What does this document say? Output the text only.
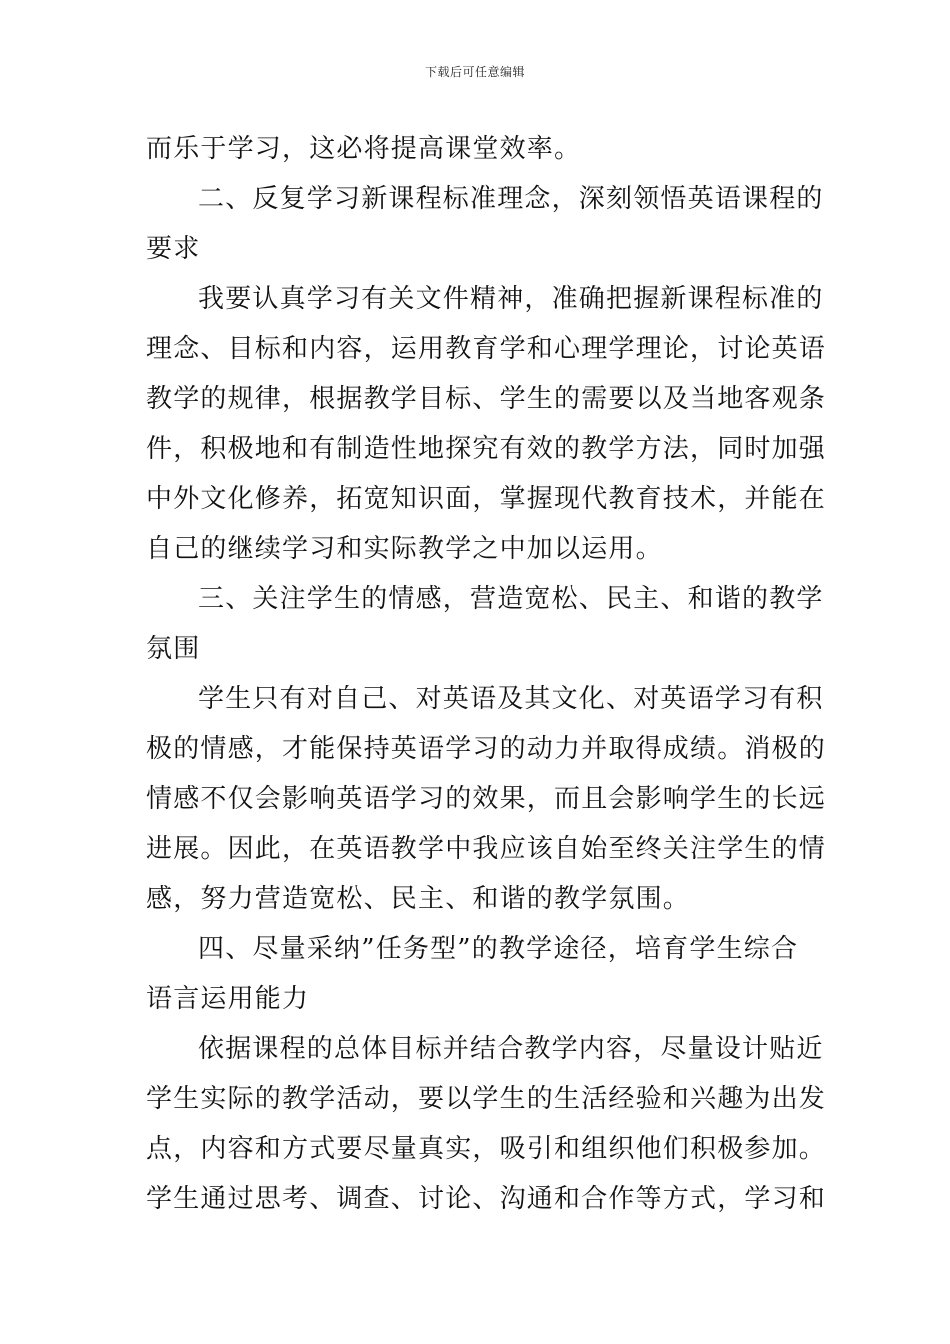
下载后可任意编辑
而乐于学习，这必将提高课堂效率。
二、反复学习新课程标准理念，深刻领悟英语课程的
要求
我要认真学习有关文件精神，准确把握新课程标准的
理念、目标和内容，运用教育学和心理学理论，讨论英语
教学的规律，根据教学目标、学生的需要以及当地客观条
件，积极地和有制造性地探究有效的教学方法，同时加强
中外文化修养，拓宽知识面，掌握现代教育技术，并能在
自己的继续学习和实际教学之中加以运用。
三、关注学生的情感，营造宽松、民主、和谐的教学
氛围
学生只有对自己、对英语及其文化、对英语学习有积
极的情感，才能保持英语学习的动力并取得成绩。消极的
情感不仅会影响英语学习的效果，而且会影响学生的长远
进展。因此，在英语教学中我应该自始至终关注学生的情
感，努力营造宽松、民主、和谐的教学氛围。
四、尽量采纳”任务型”的教学途径，培育学生综合
语言运用能力
依据课程的总体目标并结合教学内容，尽量设计贴近
学生实际的教学活动，要以学生的生活经验和兴趣为出发
点，内容和方式要尽量真实，吸引和组织他们积极参加。
学生通过思考、调查、讨论、沟通和合作等方式，学习和
